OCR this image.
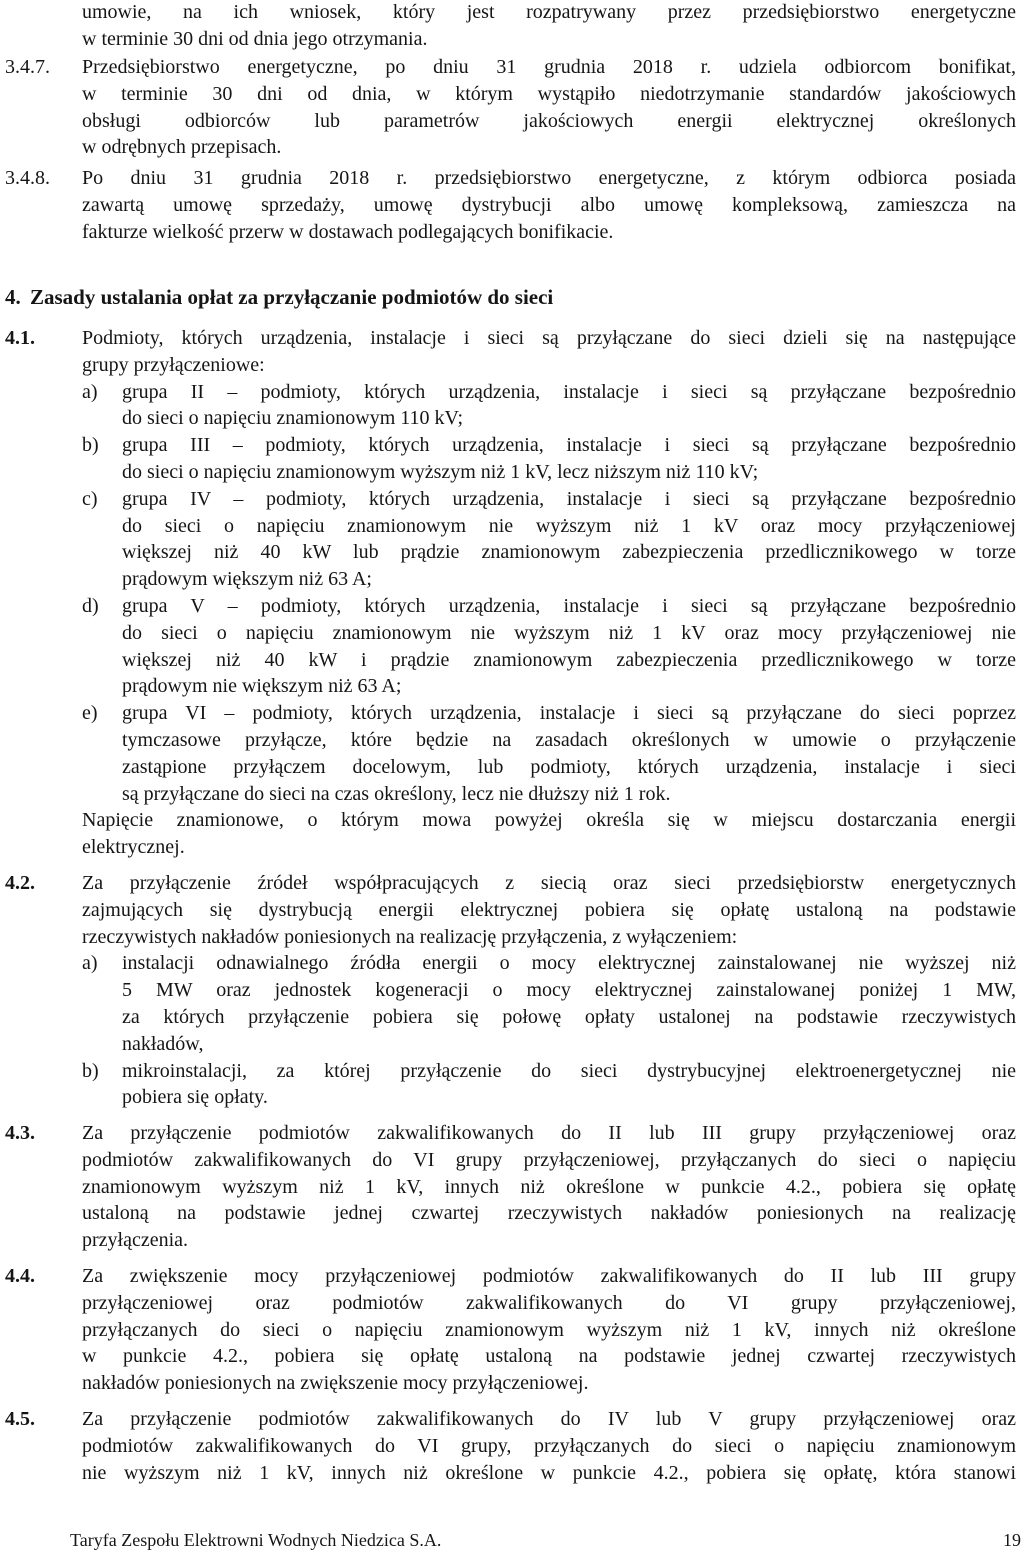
umowie, na ich wniosek, który jest rozpatrywany przez przedsiębiorstwo energetyczne
w terminie 30 dni od dnia jego otrzymania.
3.4.7. Przedsiębiorstwo energetyczne, po dniu 31 grudnia 2018 r. udziela odbiorcom bonifikat,
w terminie 30 dni od dnia, w którym wystąpiło niedotrzymanie standardów jakościowych
obsługi odbiorców lub parametrów jakościowych energii elektrycznej określonych
w odrębnych przepisach.
3.4.8. Po dniu 31 grudnia 2018 r. przedsiębiorstwo energetyczne, z którym odbiorca posiada
zawartą umowę sprzedaży, umowę dystrybucji albo umowę kompleksową, zamieszcza na
fakturze wielkość przerw w dostawach podlegających bonifikacie.
4. Zasady ustalania opłat za przyłączanie podmiotów do sieci
4.1. Podmioty, których urządzenia, instalacje i sieci są przyłączane do sieci dzieli się na następujące
grupy przyłączeniowe:
a) grupa II – podmioty, których urządzenia, instalacje i sieci są przyłączane bezpośrednio
do sieci o napięciu znamionowym 110 kV;
b) grupa III – podmioty, których urządzenia, instalacje i sieci są przyłączane bezpośrednio
do sieci o napięciu znamionowym wyższym niż 1 kV, lecz niższym niż 110 kV;
c) grupa IV – podmioty, których urządzenia, instalacje i sieci są przyłączane bezpośrednio
do sieci o napięciu znamionowym nie wyższym niż 1 kV oraz mocy przyłączeniowej
większej niż 40 kW lub prądzie znamionowym zabezpieczenia przedlicznikowego w torze
prądowym większym niż 63 A;
d) grupa V – podmioty, których urządzenia, instalacje i sieci są przyłączane bezpośrednio
do sieci o napięciu znamionowym nie wyższym niż 1 kV oraz mocy przyłączeniowej nie
większej niż 40 kW i prądzie znamionowym zabezpieczenia przedlicznikowego w torze
prądowym nie większym niż 63 A;
e) grupa VI – podmioty, których urządzenia, instalacje i sieci są przyłączane do sieci poprzez
tymczasowe przyłącze, które będzie na zasadach określonych w umowie o przyłączenie
zastąpione przyłączem docelowym, lub podmioty, których urządzenia, instalacje i sieci
są przyłączane do sieci na czas określony, lecz nie dłuższy niż 1 rok.
Napięcie znamionowe, o którym mowa powyżej określa się w miejscu dostarczania energii
elektrycznej.
4.2. Za przyłączenie źródeł współpracujących z siecią oraz sieci przedsiębiorstw energetycznych
zajmujących się dystrybucją energii elektrycznej pobiera się opłatę ustaloną na podstawie
rzeczywistych nakładów poniesionych na realizację przyłączenia, z wyłączeniem:
a) instalacji odnawialnego źródła energii o mocy elektrycznej zainstalowanej nie wyższej niż
5 MW oraz jednostek kogeneracji o mocy elektrycznej zainstalowanej poniżej 1 MW,
za których przyłączenie pobiera się połowę opłaty ustalonej na podstawie rzeczywistych
nakładów,
b) mikroinstalacji, za której przyłączenie do sieci dystrybucyjnej elektroenergetycznej nie
pobiera się opłaty.
4.3. Za przyłączenie podmiotów zakwalifikowanych do II lub III grupy przyłączeniowej oraz
podmiotów zakwalifikowanych do VI grupy przyłączeniowej, przyłączanych do sieci o napięciu
znamionowym wyższym niż 1 kV, innych niż określone w punkcie 4.2., pobiera się opłatę
ustaloną na podstawie jednej czwartej rzeczywistych nakładów poniesionych na realizację
przyłączenia.
4.4. Za zwiększenie mocy przyłączeniowej podmiotów zakwalifikowanych do II lub III grupy
przyłączeniowej oraz podmiotów zakwalifikowanych do VI grupy przyłączeniowej,
przyłączanych do sieci o napięciu znamionowym wyższym niż 1 kV, innych niż określone
w punkcie 4.2., pobiera się opłatę ustaloną na podstawie jednej czwartej rzeczywistych
nakładów poniesionych na zwiększenie mocy przyłączeniowej.
4.5. Za przyłączenie podmiotów zakwalifikowanych do IV lub V grupy przyłączeniowej oraz
podmiotów zakwalifikowanych do VI grupy, przyłączanych do sieci o napięciu znamionowym
nie wyższym niż 1 kV, innych niż określone w punkcie 4.2., pobiera się opłatę, która stanowi
Taryfa Zespołu Elektrowni Wodnych Niedzica S.A.	19
